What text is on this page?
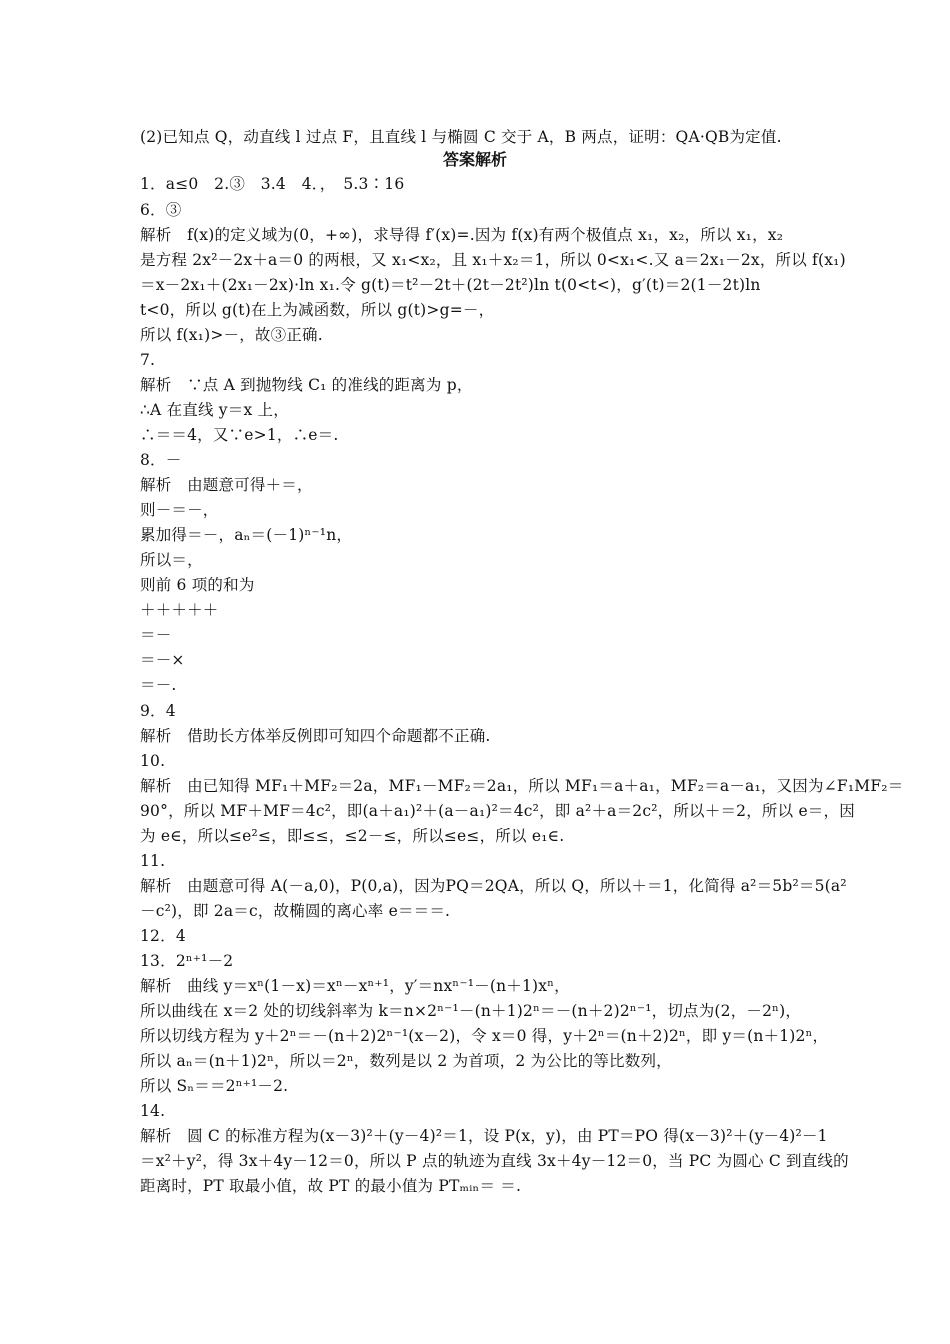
(2)已知点 Q，动直线 l 过点 F，且直线 l 与椭圆 C 交于 A，B 两点，证明：QA·QB为定值.
答案解析
1．a≤0　2.③　3.4　4．，　5.3∶16
6．③
解析　f(x)的定义域为(0，+∞)，求导得 f′(x)=.因为 f(x)有两个极值点 x₁，x₂，所以 x₁，x₂
是方程 2x²－2x＋a＝0 的两根，又 x₁<x₂，且 x₁＋x₂＝1，所以 0<x₁<.又 a＝2x₁－2x，所以 f(x₁)
＝x－2x₁＋(2x₁－2x)·ln x₁.令 g(t)＝t²－2t＋(2t－2t²)ln t(0<t<)，g′(t)＝2(1－2t)ln
t<0，所以 g(t)在上为减函数，所以 g(t)>g=－，
所以 f(x₁)>－，故③正确.
7.
解析　∵点 A 到抛物线 C₁ 的准线的距离为 p，
∴A 在直线 y＝x 上，
∴＝＝4，又∵e>1，∴e＝.
8．－
解析　由题意可得＋＝，
则－＝－，
累加得＝－，aₙ＝(－1)ⁿ⁻¹n，
所以＝，
则前 6 项的和为
＋＋＋＋＋
＝－
＝－×
＝－.
9．4
解析　借助长方体举反例即可知四个命题都不正确.
10.
解析　由已知得 MF₁＋MF₂＝2a，MF₁－MF₂＝2a₁，所以 MF₁＝a＋a₁，MF₂＝a－a₁，又因为∠F₁MF₂＝
90°，所以 MF＋MF＝4c²，即(a＋a₁)²＋(a－a₁)²＝4c²，即 a²＋a＝2c²，所以＋＝2，所以 e＝，因
为 e∈，所以≤e²≤，即≤≤，≤2－≤，所以≤e≤，所以 e₁∈.
11.
解析　由题意可得 A(－a,0)，P(0,a)，因为PQ＝2QA，所以 Q，所以＋＝1，化简得 a²＝5b²＝5(a²
－c²)，即 2a＝c，故椭圆的离心率 e＝＝＝.
12．4
13．2ⁿ⁺¹－2
解析　曲线 y＝xⁿ(1－x)＝xⁿ－xⁿ⁺¹，y′＝nxⁿ⁻¹－(n＋1)xⁿ，
所以曲线在 x＝2 处的切线斜率为 k＝n×2ⁿ⁻¹－(n＋1)2ⁿ＝－(n＋2)2ⁿ⁻¹，切点为(2，－2ⁿ)，
所以切线方程为 y＋2ⁿ＝－(n＋2)2ⁿ⁻¹(x－2)，令 x＝0 得，y＋2ⁿ＝(n＋2)2ⁿ，即 y＝(n＋1)2ⁿ，
所以 aₙ＝(n＋1)2ⁿ，所以＝2ⁿ，数列是以 2 为首项，2 为公比的等比数列，
所以 Sₙ＝＝2ⁿ⁺¹－2.
14.
解析　圆 C 的标准方程为(x－3)²＋(y－4)²＝1，设 P(x，y)，由 PT＝PO 得(x－3)²＋(y－4)²－1
＝x²＋y²，得 3x＋4y－12＝0，所以 P 点的轨迹为直线 3x＋4y－12＝0，当 PC 为圆心 C 到直线的
距离时，PT 取最小值，故 PT 的最小值为 PTₘᵢₙ＝ ＝.
